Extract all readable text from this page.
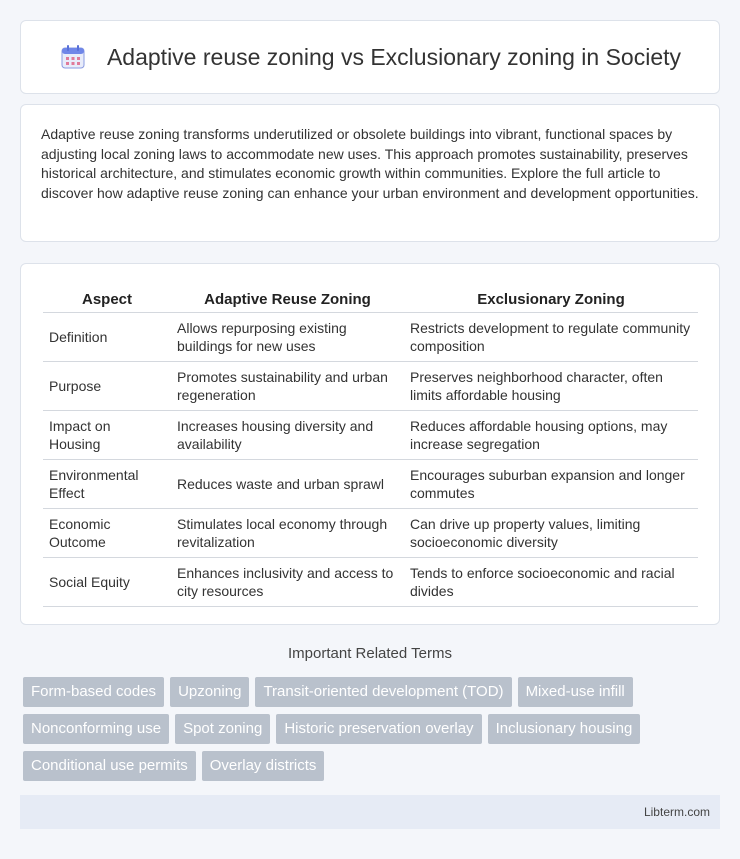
Adaptive reuse zoning vs Exclusionary zoning in Society

Adaptive reuse zoning transforms underutilized or obsolete buildings into vibrant, functional spaces by adjusting local zoning laws to accommodate new uses. This approach promotes sustainability, preserves historical architecture, and stimulates economic growth within communities. Explore the full article to discover how adaptive reuse zoning can enhance your urban environment and development opportunities.

Aspect	Adaptive Reuse Zoning	Exclusionary Zoning
Definition	Allows repurposing existing buildings for new uses	Restricts development to regulate community composition
Purpose	Promotes sustainability and urban regeneration	Preserves neighborhood character, often limits affordable housing
Impact on Housing	Increases housing diversity and availability	Reduces affordable housing options, may increase segregation
Environmental Effect	Reduces waste and urban sprawl	Encourages suburban expansion and longer commutes
Economic Outcome	Stimulates local economy through revitalization	Can drive up property values, limiting socioeconomic diversity
Social Equity	Enhances inclusivity and access to city resources	Tends to enforce socioeconomic and racial divides
Important Related Terms
Form-based codes	Upzoning	Transit-oriented development (TOD)	Mixed-use infill
Nonconforming use	Spot zoning	Historic preservation overlay	Inclusionary housing
Conditional use permits	Overlay districts
Libterm.com
